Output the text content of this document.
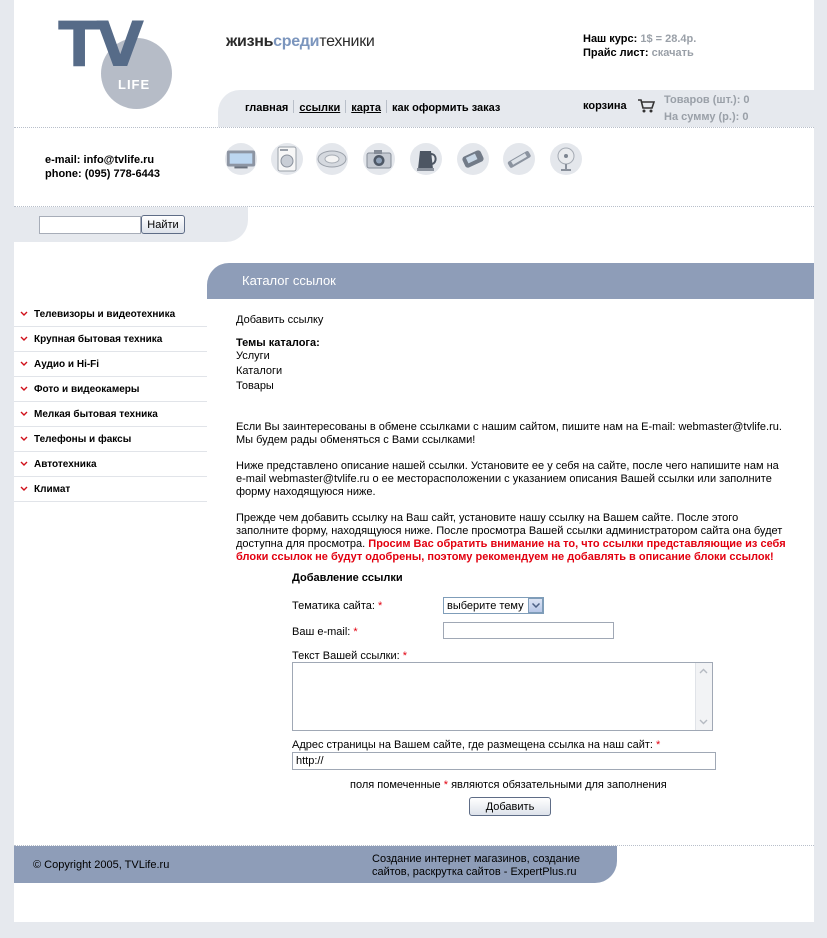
TV
LIFE
жизньсредитехники	Наш курс: 1$ = 28.4р.
Прайс лист: скачать
главная ссылки карта как оформить заказ	корзина	Товаров (шт.): 0
На сумму (р.): 0
e-mail: info@tvlife.ru
phone: (095) 778-6443
Найти
Каталог ссылок
Телевизоры и видеотехника
Крупная бытовая техника
Аудио и Hi-Fi
Фото и видеокамеры
Мелкая бытовая техника
Телефоны и факсы
Автотехника
Климат
Добавить ссылку
Темы каталога:
Услуги
Каталоги
Товары
Если Вы заинтересованы в обмене ссылками с нашим сайтом, пишите нам на E-mail: webmaster@tvlife.ru.
Мы будем рады обменяться с Вами ссылками!
Ниже представлено описание нашей ссылки. Установите ее у себя на сайте, после чего напишите нам на
e-mail webmaster@tvlife.ru о ее месторасположении с указанием описания Вашей ссылки или заполните
форму находящуюся ниже.
Прежде чем добавить ссылку на Ваш сайт, установите нашу ссылку на Вашем сайте. После этого
заполните форму, находящуюся ниже. После просмотра Вашей ссылки администратором сайта она будет
доступна для просмотра. Просим Вас обратить внимание на то, что ссылки представляющие из себя
блоки ссылок не будут одобрены, поэтому рекомендуем не добавлять в описание блоки ссылок!
Добавление ссылки
Тематика сайта: *	выберите тему
Ваш e-mail: *
Текст Вашей ссылки: *
Адрес страницы на Вашем сайте, где размещена ссылка на наш сайт: *
http://
поля помеченные * являются обязательными для заполнения
Добавить
© Copyright 2005, TVLife.ru	Создание интернет магазинов, создание
сайтов, раскрутка сайтов - ExpertPlus.ru
